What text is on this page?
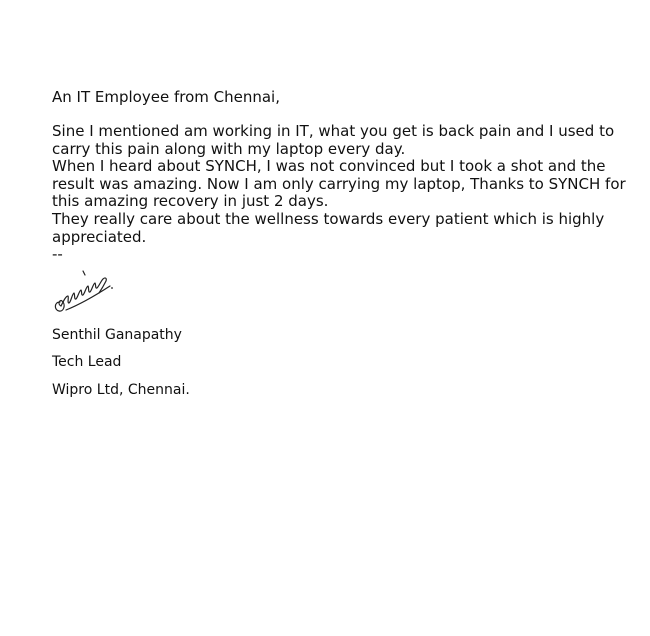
An IT Employee from Chennai,

Sine I mentioned am working in IT, what you get is back pain and I used to carry this pain along with my laptop every day.

When I heard about SYNCH, I was not convinced but I took a shot and the result was amazing. Now I am only carrying my laptop, Thanks to SYNCH for this amazing recovery in just 2 days.

They really care about the wellness towards every patient which is highly appreciated.

--

Senthil Ganapathy
Tech Lead
Wipro Ltd, Chennai.
